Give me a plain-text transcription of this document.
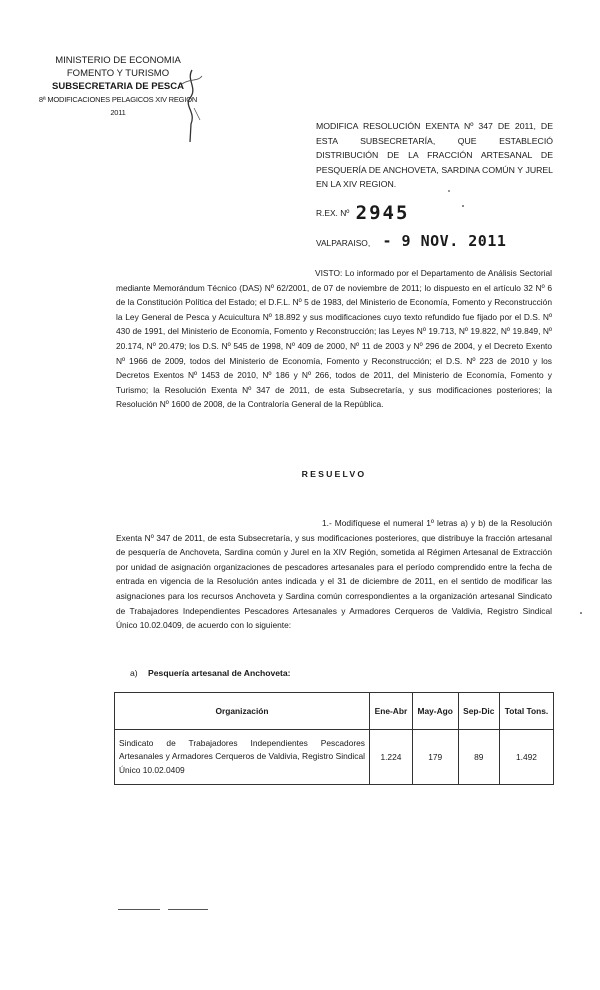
MINISTERIO DE ECONOMIA
FOMENTO Y TURISMO
SUBSECRETARIA DE PESCA
8ª MODIFICACIONES PELAGICOS XIV REGION 2011
MODIFICA RESOLUCIÓN EXENTA Nº 347 DE 2011, DE ESTA SUBSECRETARÍA, QUE ESTABLECIÓ DISTRIBUCIÓN DE LA FRACCIÓN ARTESANAL DE PESQUERÍA DE ANCHOVETA, SARDINA COMÚN Y JUREL EN LA XIV REGION.
R.EX. Nº 2945
VALPARAISO, - 9 NOV. 2011
VISTO: Lo informado por el Departamento de Análisis Sectorial mediante Memorándum Técnico (DAS) Nº 62/2001, de 07 de noviembre de 2011; lo dispuesto en el artículo 32 Nº 6 de la Constitución Política del Estado; el D.F.L. Nº 5 de 1983, del Ministerio de Economía, Fomento y Reconstrucción la Ley General de Pesca y Acuicultura Nº 18.892 y sus modificaciones cuyo texto refundido fue fijado por el D.S. Nº 430 de 1991, del Ministerio de Economía, Fomento y Reconstrucción; las Leyes Nº 19.713, Nº 19.822, Nº 19.849, Nº 20.174, Nº 20.479; los D.S. Nº 545 de 1998, Nº 409 de 2000, Nº 11 de 2003 y Nº 296 de 2004, y el Decreto Exento Nº 1966 de 2009, todos del Ministerio de Economía, Fomento y Reconstrucción; el D.S. Nº 223 de 2010 y los Decretos Exentos Nº 1453 de 2010, Nº 186 y Nº 266, todos de 2011, del Ministerio de Economía, Fomento y Turismo; la Resolución Exenta Nº 347 de 2011, de esta Subsecretaría, y sus modificaciones posteriores; la Resolución Nº 1600 de 2008, de la Contraloría General de la República.
RESUELVO
1.- Modifíquese el numeral 1º letras a) y b) de la Resolución Exenta Nº 347 de 2011, de esta Subsecretaría, y sus modificaciones posteriores, que distribuye la fracción artesanal de pesquería de Anchoveta, Sardina común y Jurel en la XIV Región, sometida al Régimen Artesanal de Extracción por unidad de asignación organizaciones de pescadores artesanales para el período comprendido entre la fecha de entrada en vigencia de la Resolución antes indicada y el 31 de diciembre de 2011, en el sentido de modificar las asignaciones para los recursos Anchoveta y Sardina común correspondientes a la organización artesanal Sindicato de Trabajadores Independientes Pescadores Artesanales y Armadores Cerqueros de Valdivia, Registro Sindical Único 10.02.0409, de acuerdo con lo siguiente:
a) Pesquería artesanal de Anchoveta:
Organización	Ene-Abr	May-Ago	Sep-Dic	Total Tons.
Sindicato de Trabajadores Independientes Pescadores Artesanales y Armadores Cerqueros de Valdivia, Registro Sindical Único 10.02.0409	1.224	179	89	1.492
